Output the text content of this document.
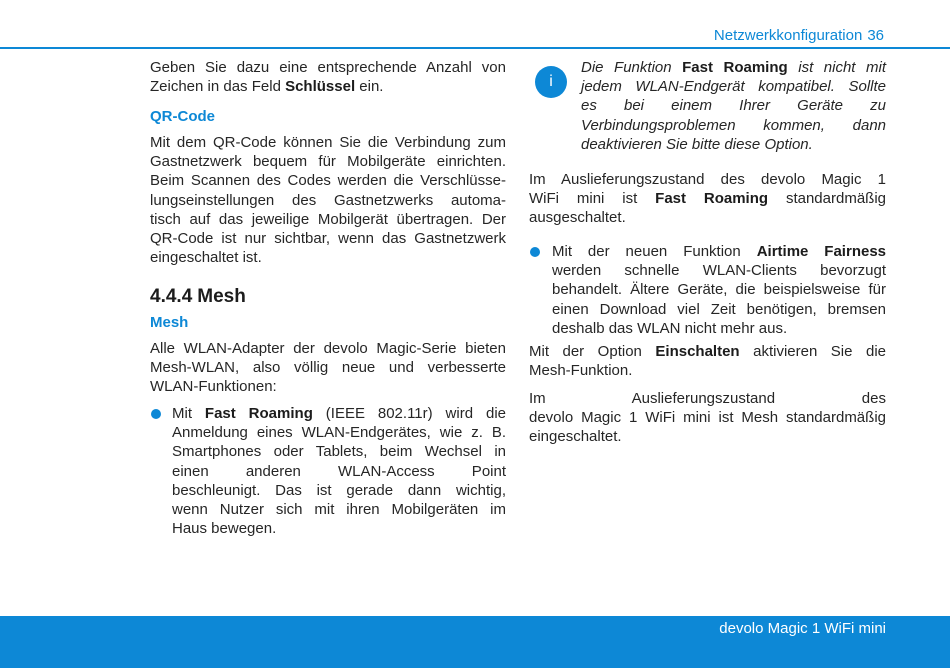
Netzwerkkonfiguration 36
Geben Sie dazu eine entsprechende Anzahl von
Zeichen in das Feld Schlüssel ein.
QR-Code
Mit dem QR-Code können Sie die Verbindung zum
Gastnetzwerk bequem für Mobilgeräte einrichten.
Beim Scannen des Codes werden die Verschlüsse-
lungseinstellungen des Gastnetzwerks automa-
tisch auf das jeweilige Mobilgerät übertragen. Der
QR-Code ist nur sichtbar, wenn das Gastnetzwerk
eingeschaltet ist.
4.4.4 Mesh
Mesh
Alle WLAN-Adapter der devolo Magic-Serie bieten
Mesh-WLAN, also völlig neue und verbesserte
WLAN-Funktionen:
Mit Fast Roaming (IEEE 802.11r) wird die
Anmeldung eines WLAN-Endgerätes, wie z. B.
Smartphones oder Tablets, beim Wechsel in
einen anderen WLAN-Access Point
beschleunigt. Das ist gerade dann wichtig,
wenn Nutzer sich mit ihren Mobilgeräten im
Haus bewegen.
i
Die Funktion Fast Roaming ist nicht mit
jedem WLAN-Endgerät kompatibel. Sollte
es bei einem Ihrer Geräte zu
Verbindungsproblemen kommen, dann
deaktivieren Sie bitte diese Option.
Im Auslieferungszustand des devolo Magic 1
WiFi mini ist Fast Roaming standardmäßig
ausgeschaltet.
Mit der neuen Funktion Airtime Fairness
werden schnelle WLAN-Clients bevorzugt
behandelt. Ältere Geräte, die beispielsweise für
einen Download viel Zeit benötigen, bremsen
deshalb das WLAN nicht mehr aus.
Mit der Option Einschalten aktivieren Sie die
Mesh-Funktion.
Im Auslieferungszustand des
devolo Magic 1 WiFi mini ist Mesh standardmäßig
eingeschaltet.
devolo Magic 1 WiFi mini
